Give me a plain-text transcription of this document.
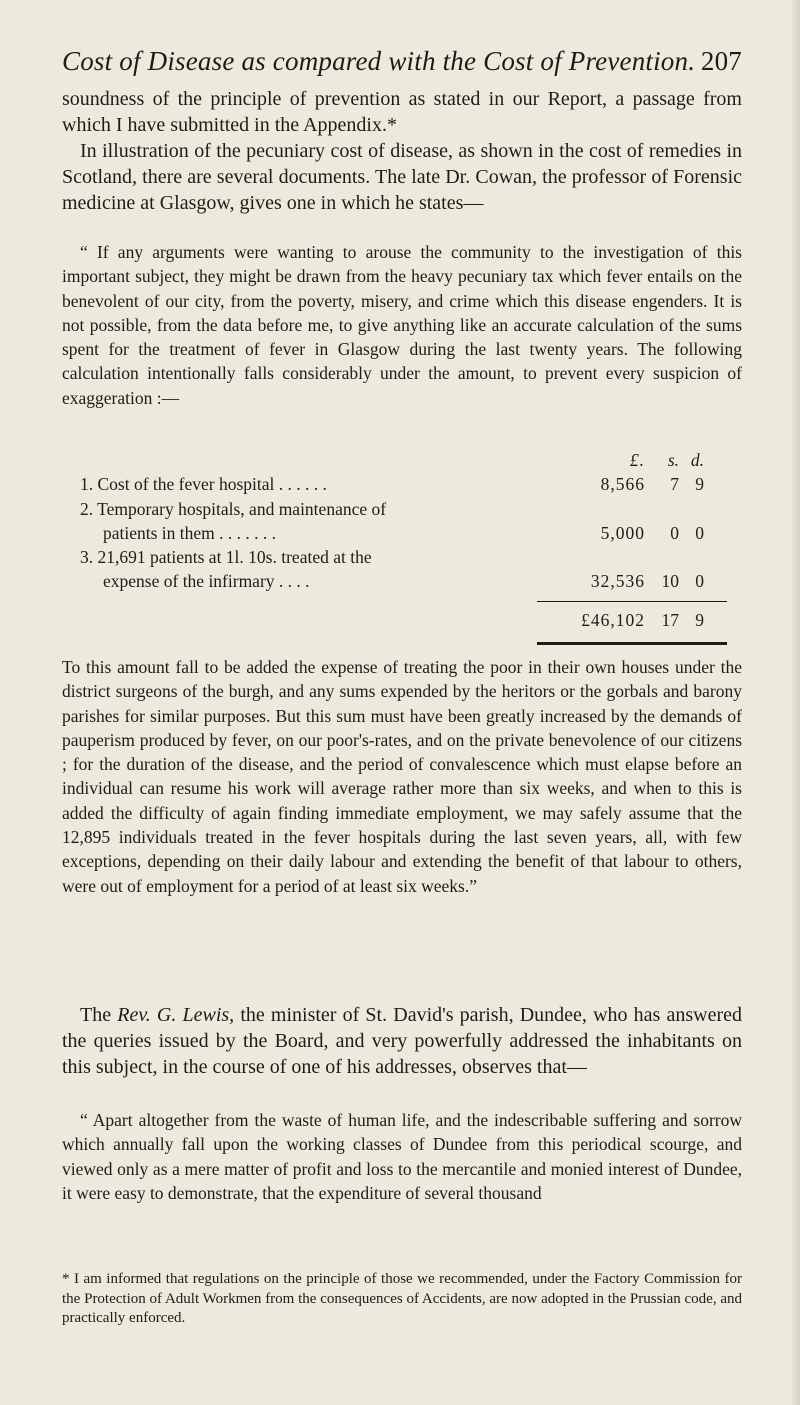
Cost of Disease as compared with the Cost of Prevention. 207

soundness of the principle of prevention as stated in our Report, a passage from which I have submitted in the Appendix.*

In illustration of the pecuniary cost of disease, as shown in the cost of remedies in Scotland, there are several documents. The late Dr. Cowan, the professor of Forensic medicine at Glasgow, gives one in which he states—

“ If any arguments were wanting to arouse the community to the investigation of this important subject, they might be drawn from the heavy pecuniary tax which fever entails on the benevolent of our city, from the poverty, misery, and crime which this disease engenders. It is not possible, from the data before me, to give anything like an accurate calculation of the sums spent for the treatment of fever in Glasgow during the last twenty years. The following calculation intentionally falls considerably under the amount, to prevent every suspicion of exaggeration :—

£.	s. d.
1. Cost of the fever hospital . . . . . .	8,566	7 9
2. Temporary hospitals, and maintenance of
patients in them . . . . . . .	5,000	0 0
3. 21,691 patients at 1l. 10s. treated at the
expense of the infirmary . . . .	32,536 10 0
£46,102 17 9

To this amount fall to be added the expense of treating the poor in their own houses under the district surgeons of the burgh, and any sums expended by the heritors or the gorbals and barony parishes for similar purposes. But this sum must have been greatly increased by the demands of pauperism produced by fever, on our poor's-rates, and on the private benevolence of our citizens ; for the duration of the disease, and the period of convalescence which must elapse before an individual can resume his work will average rather more than six weeks, and when to this is added the difficulty of again finding immediate employment, we may safely assume that the 12,895 individuals treated in the fever hospitals during the last seven years, all, with few exceptions, depending on their daily labour and extending the benefit of that labour to others, were out of employment for a period of at least six weeks.”

The Rev. G. Lewis, the minister of St. David's parish, Dundee, who has answered the queries issued by the Board, and very powerfully addressed the inhabitants on this subject, in the course of one of his addresses, observes that—

“ Apart altogether from the waste of human life, and the indescribable suffering and sorrow which annually fall upon the working classes of Dundee from this periodical scourge, and viewed only as a mere matter of profit and loss to the mercantile and monied interest of Dundee, it were easy to demonstrate, that the expenditure of several thousand

* I am informed that regulations on the principle of those we recommended, under the Factory Commission for the Protection of Adult Workmen from the consequences of Accidents, are now adopted in the Prussian code, and practically enforced.
